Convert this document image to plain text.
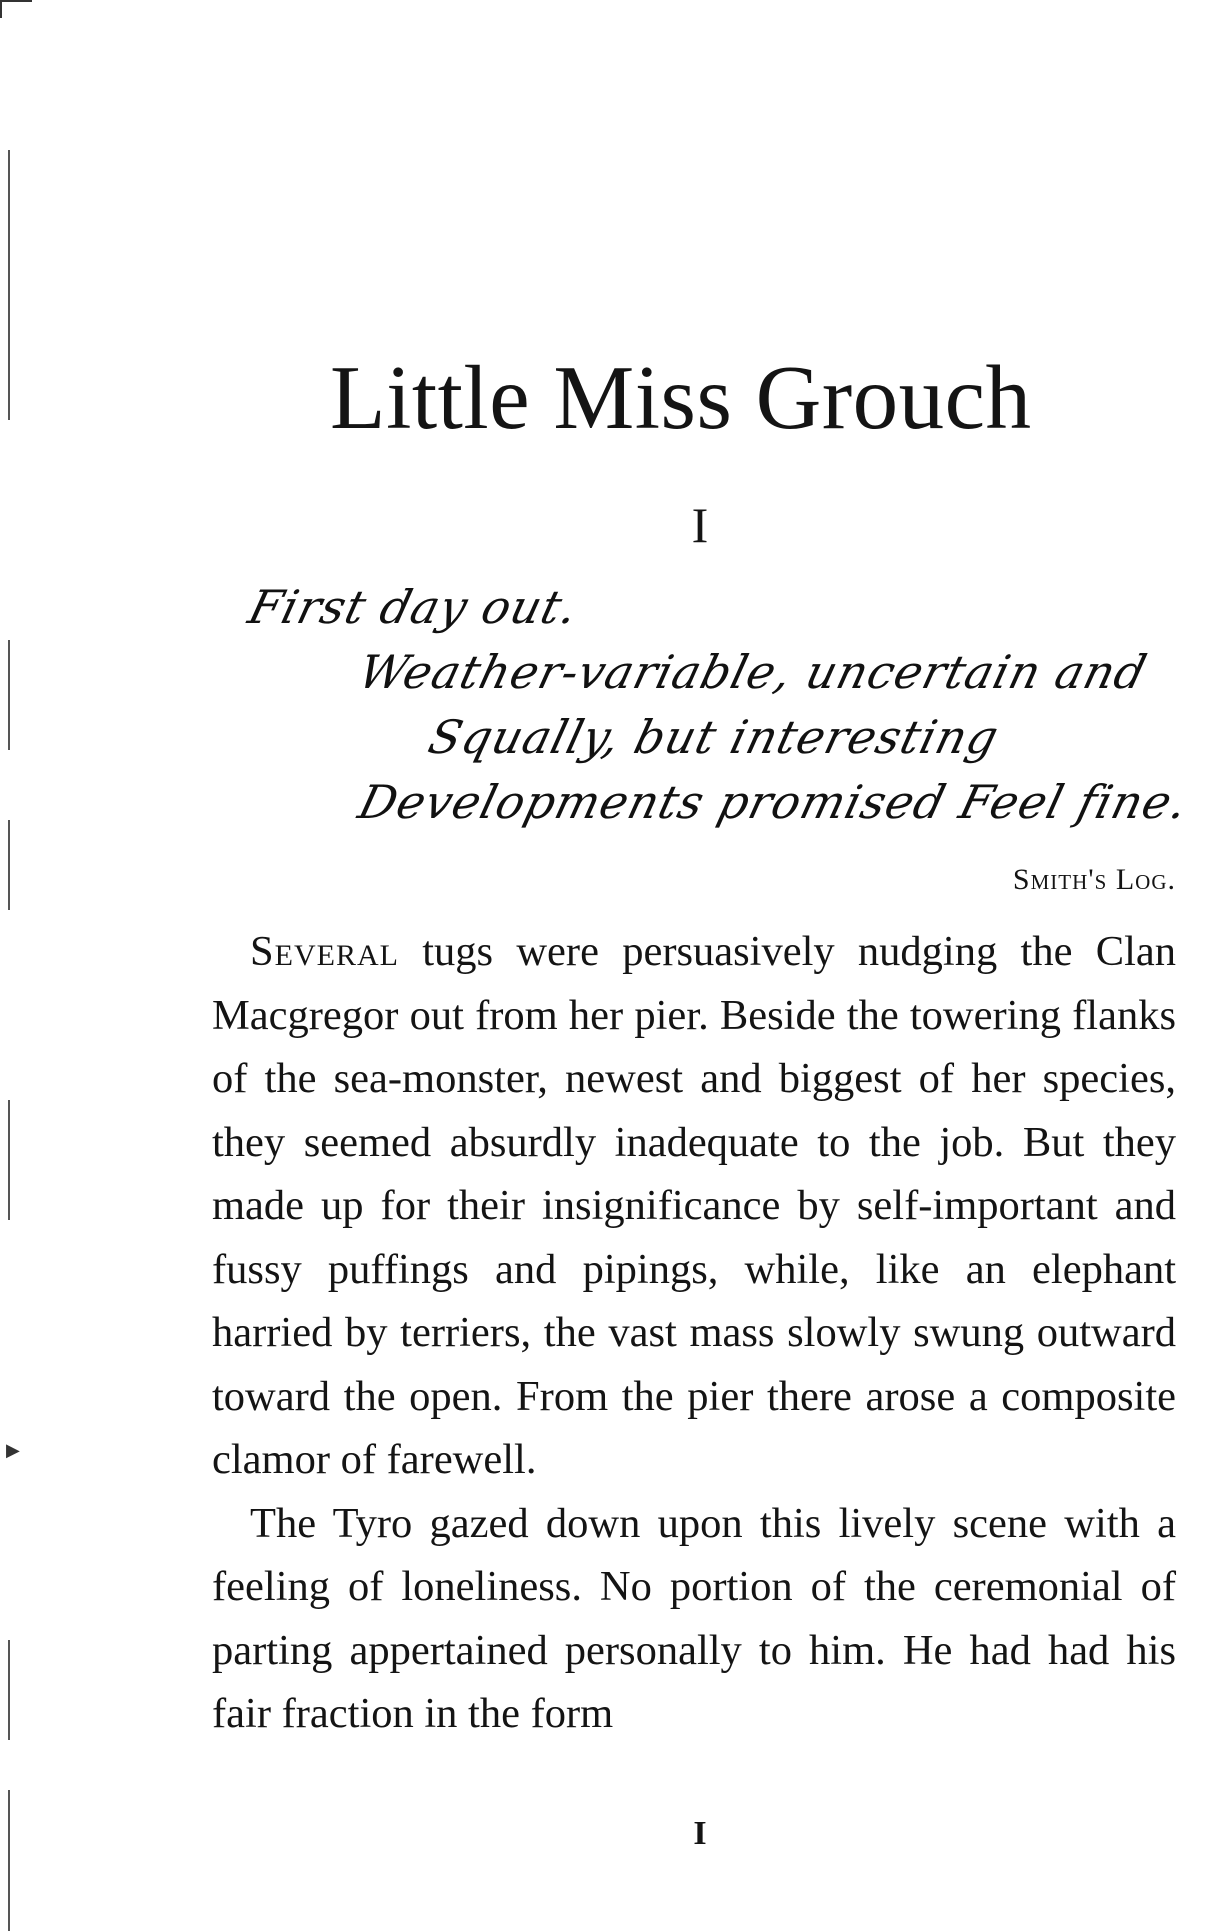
▶
Little Miss Grouch
I
First day out.
Weather-variable, uncertain and
Squally, but interesting
Developments promised Feel fine.
Smith's Log.

Several tugs were persuasively nudging the Clan Macgregor out from her pier. Beside the towering flanks of the sea-monster, newest and biggest of her species, they seemed absurdly inadequate to the job. But they made up for their insignificance by self-important and fussy puffings and pipings, while, like an elephant harried by terriers, the vast mass slowly swung outward toward the open. From the pier there arose a composite clamor of farewell.

The Tyro gazed down upon this lively scene with a feeling of loneliness. No portion of the ceremonial of parting appertained personally to him. He had had his fair fraction in the form

I
